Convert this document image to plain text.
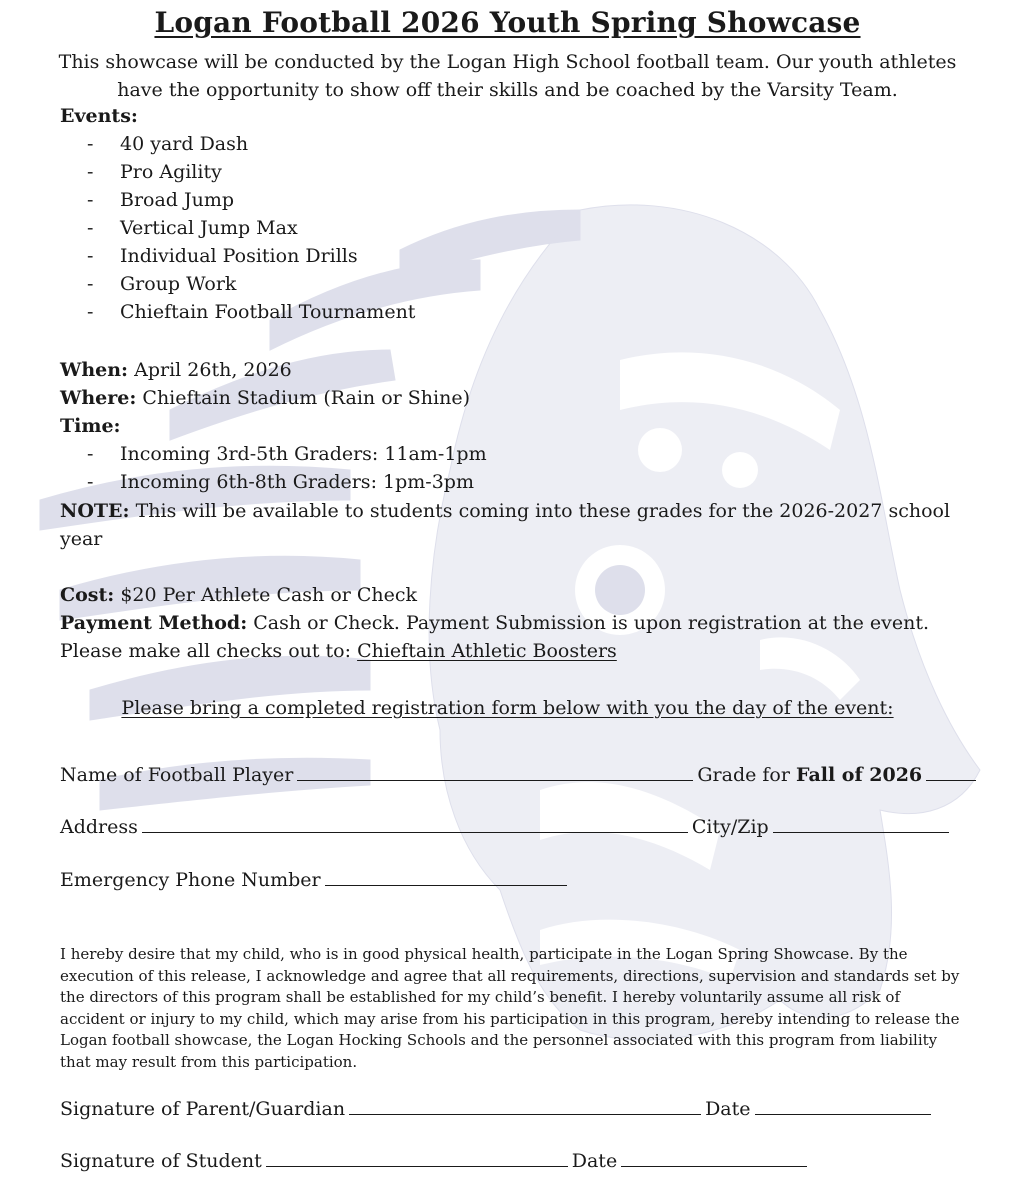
Logan Football 2026 Youth Spring Showcase
This showcase will be conducted by the Logan High School football team. Our youth athletes have the opportunity to show off their skills and be coached by the Varsity Team.
Events:
- 40 yard Dash
- Pro Agility
- Broad Jump
- Vertical Jump Max
- Individual Position Drills
- Group Work
- Chieftain Football Tournament
When: April 26th, 2026
Where: Chieftain Stadium (Rain or Shine)
Time:
- Incoming 3rd-5th Graders: 11am-1pm
- Incoming 6th-8th Graders: 1pm-3pm
NOTE: This will be available to students coming into these grades for the 2026-2027 school year
Cost: $20 Per Athlete Cash or Check
Payment Method: Cash or Check. Payment Submission is upon registration at the event.
Please make all checks out to: Chieftain Athletic Boosters
Please bring a completed registration form below with you the day of the event:
Name of Football Player	Grade for Fall of 2026
Address	City/Zip
Emergency Phone Number
I hereby desire that my child, who is in good physical health, participate in the Logan Spring Showcase. By the execution of this release, I acknowledge and agree that all requirements, directions, supervision and standards set by the directors of this program shall be established for my child’s benefit. I hereby voluntarily assume all risk of accident or injury to my child, which may arise from his participation in this program, hereby intending to release the Logan football showcase, the Logan Hocking Schools and the personnel associated with this program from liability that may result from this participation.
Signature of Parent/Guardian	Date
Signature of Student	Date
